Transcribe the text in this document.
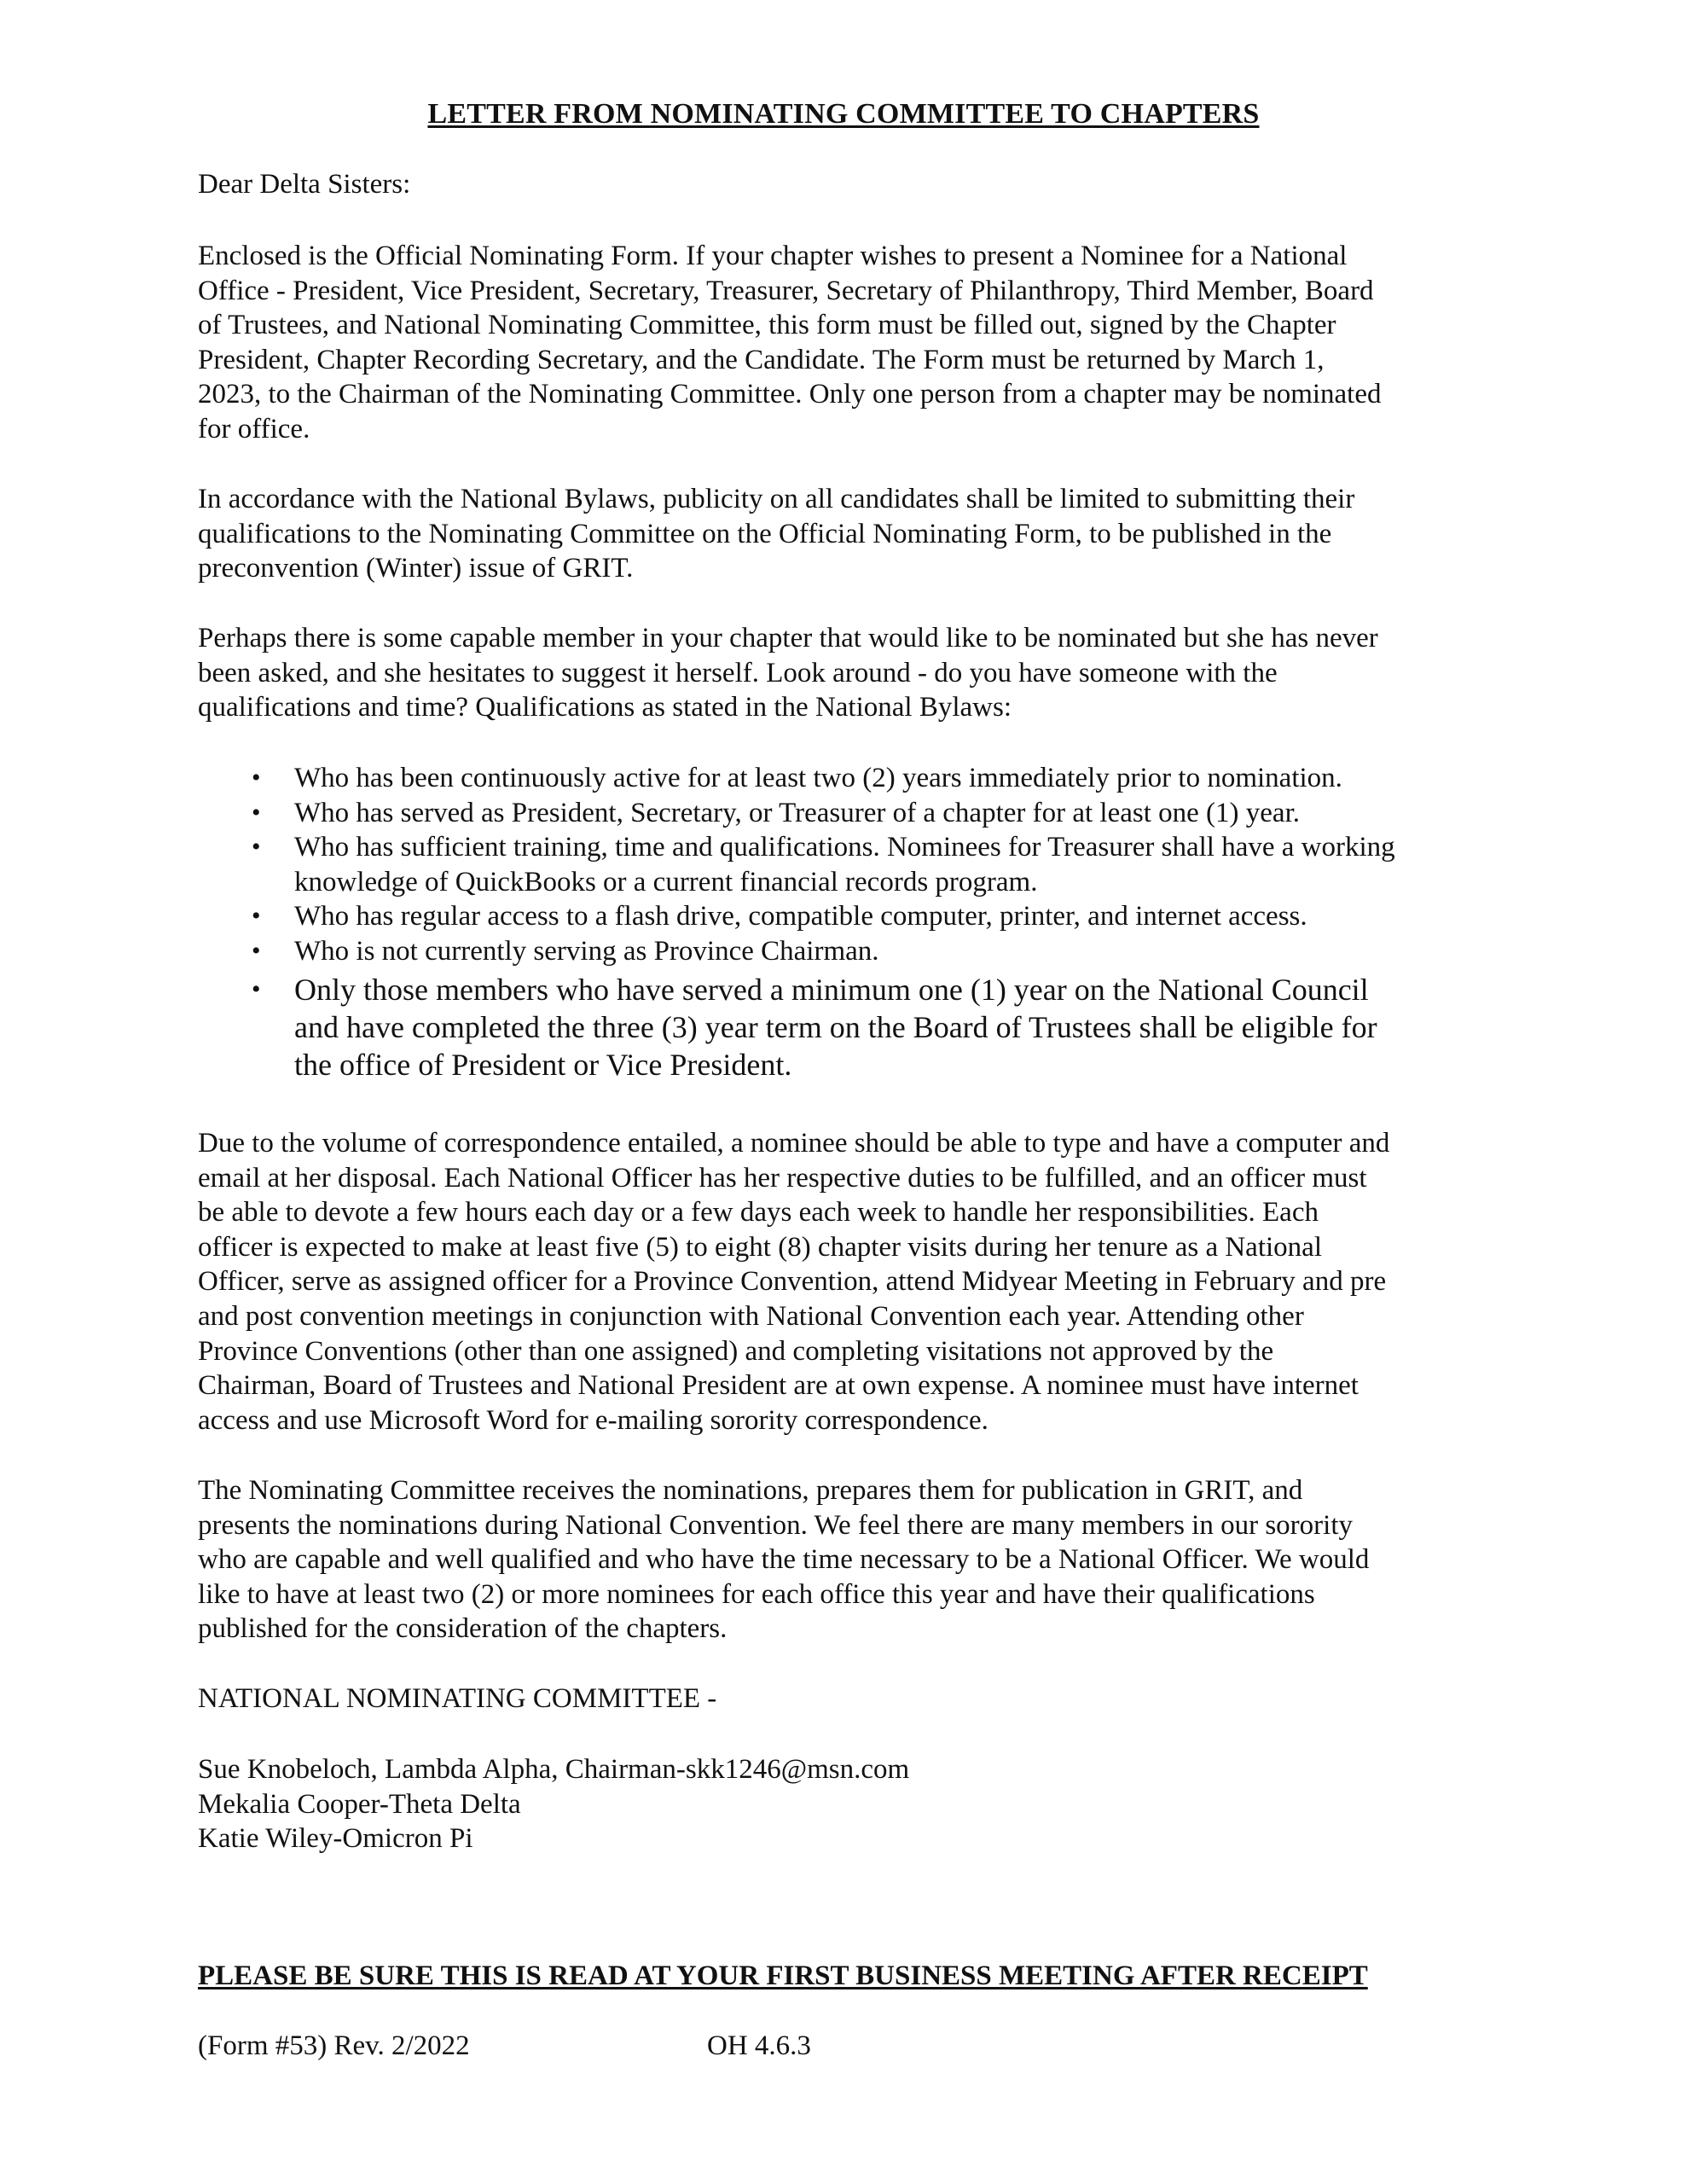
LETTER FROM NOMINATING COMMITTEE TO CHAPTERS
Dear Delta Sisters:
Enclosed is the Official Nominating Form. If your chapter wishes to present a Nominee for a National
Office - President, Vice President, Secretary, Treasurer, Secretary of Philanthropy, Third Member, Board
of Trustees, and National Nominating Committee, this form must be filled out, signed by the Chapter
President, Chapter Recording Secretary, and the Candidate. The Form must be returned by March 1,
2023, to the Chairman of the Nominating Committee. Only one person from a chapter may be nominated
for office.
In accordance with the National Bylaws, publicity on all candidates shall be limited to submitting their
qualifications to the Nominating Committee on the Official Nominating Form, to be published in the
preconvention (Winter) issue of GRIT.
Perhaps there is some capable member in your chapter that would like to be nominated but she has never
been asked, and she hesitates to suggest it herself. Look around - do you have someone with the
qualifications and time? Qualifications as stated in the National Bylaws:
• Who has been continuously active for at least two (2) years immediately prior to nomination.
• Who has served as President, Secretary, or Treasurer of a chapter for at least one (1) year.
• Who has sufficient training, time and qualifications. Nominees for Treasurer shall have a working
knowledge of QuickBooks or a current financial records program.
• Who has regular access to a flash drive, compatible computer, printer, and internet access.
• Who is not currently serving as Province Chairman.
• Only those members who have served a minimum one (1) year on the National Council
and have completed the three (3) year term on the Board of Trustees shall be eligible for
the office of President or Vice President.
Due to the volume of correspondence entailed, a nominee should be able to type and have a computer and
email at her disposal. Each National Officer has her respective duties to be fulfilled, and an officer must
be able to devote a few hours each day or a few days each week to handle her responsibilities. Each
officer is expected to make at least five (5) to eight (8) chapter visits during her tenure as a National
Officer, serve as assigned officer for a Province Convention, attend Midyear Meeting in February and pre
and post convention meetings in conjunction with National Convention each year. Attending other
Province Conventions (other than one assigned) and completing visitations not approved by the
Chairman, Board of Trustees and National President are at own expense. A nominee must have internet
access and use Microsoft Word for e-mailing sorority correspondence.
The Nominating Committee receives the nominations, prepares them for publication in GRIT, and
presents the nominations during National Convention. We feel there are many members in our sorority
who are capable and well qualified and who have the time necessary to be a National Officer. We would
like to have at least two (2) or more nominees for each office this year and have their qualifications
published for the consideration of the chapters.
NATIONAL NOMINATING COMMITTEE -
Sue Knobeloch, Lambda Alpha, Chairman-skk1246@msn.com
Mekalia Cooper-Theta Delta
Katie Wiley-Omicron Pi
PLEASE BE SURE THIS IS READ AT YOUR FIRST BUSINESS MEETING AFTER RECEIPT
(Form #53) Rev. 2/2022	OH 4.6.3
